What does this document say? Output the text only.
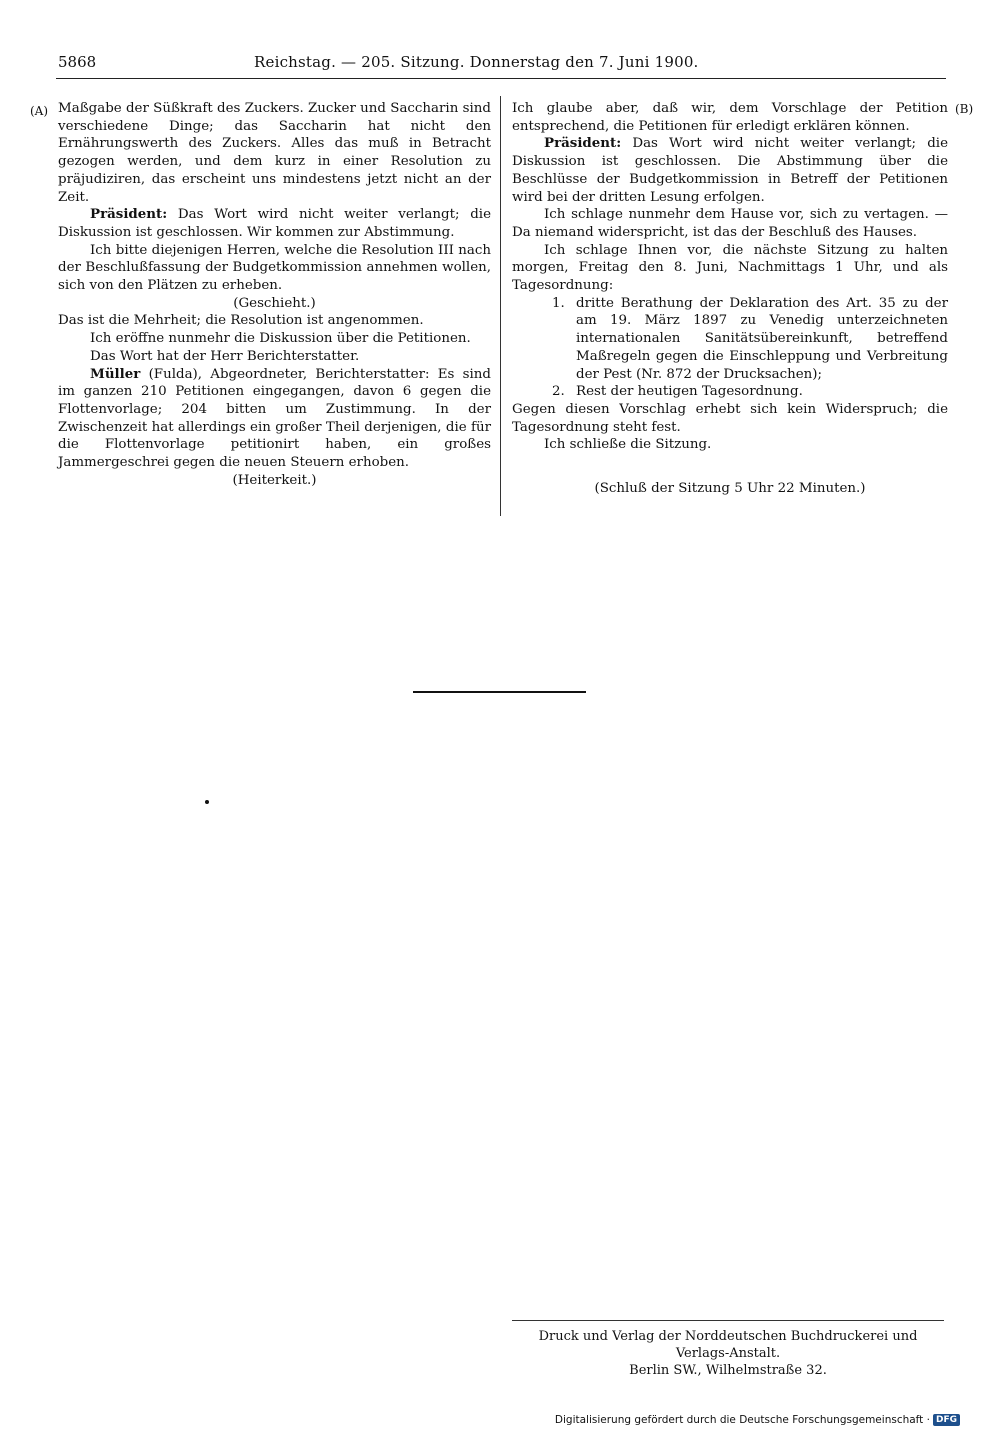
5868	Reichstag. — 205. Sitzung. Donnerstag den 7. Juni 1900.
(A)	(B)

Maßgabe der Süßkraft des Zuckers. Zucker und Saccharin sind verschiedene Dinge; das Saccharin hat nicht den Ernährungswerth des Zuckers. Alles das muß in Betracht gezogen werden, und dem kurz in einer Resolution zu präjudiziren, das erscheint uns mindestens jetzt nicht an der Zeit.

Präsident: Das Wort wird nicht weiter verlangt; die Diskussion ist geschlossen. Wir kommen zur Abstimmung.

Ich bitte diejenigen Herren, welche die Resolution III nach der Beschlußfassung der Budgetkommission annehmen wollen, sich von den Plätzen zu erheben.

(Geschieht.)

Das ist die Mehrheit; die Resolution ist angenommen.

Ich eröffne nunmehr die Diskussion über die Petitionen.

Das Wort hat der Herr Berichterstatter.

Müller (Fulda), Abgeordneter, Berichterstatter: Es sind im ganzen 210 Petitionen eingegangen, davon 6 gegen die Flottenvorlage; 204 bitten um Zustimmung. In der Zwischenzeit hat allerdings ein großer Theil derjenigen, die für die Flottenvorlage petitionirt haben, ein großes Jammergeschrei gegen die neuen Steuern erhoben.

(Heiterkeit.)

Ich glaube aber, daß wir, dem Vorschlage der Petition entsprechend, die Petitionen für erledigt erklären können.

Präsident: Das Wort wird nicht weiter verlangt; die Diskussion ist geschlossen. Die Abstimmung über die Beschlüsse der Budgetkommission in Betreff der Petitionen wird bei der dritten Lesung erfolgen.

Ich schlage nunmehr dem Hause vor, sich zu vertagen. — Da niemand widerspricht, ist das der Beschluß des Hauses.

Ich schlage Ihnen vor, die nächste Sitzung zu halten morgen, Freitag den 8. Juni, Nachmittags 1 Uhr, und als Tagesordnung:

1. dritte Berathung der Deklaration des Art. 35 zu der am 19. März 1897 zu Venedig unterzeichneten internationalen Sanitätsübereinkunft, betreffend Maßregeln gegen die Einschleppung und Verbreitung der Pest (Nr. 872 der Drucksachen);
2. Rest der heutigen Tagesordnung.

Gegen diesen Vorschlag erhebt sich kein Widerspruch; die Tagesordnung steht fest.

Ich schließe die Sitzung.

(Schluß der Sitzung 5 Uhr 22 Minuten.)

Druck und Verlag der Norddeutschen Buchdruckerei und Verlags-Anstalt.
Berlin SW., Wilhelmstraße 32.
Digitalisierung gefördert durch die Deutsche Forschungsgemeinschaft · DFG
